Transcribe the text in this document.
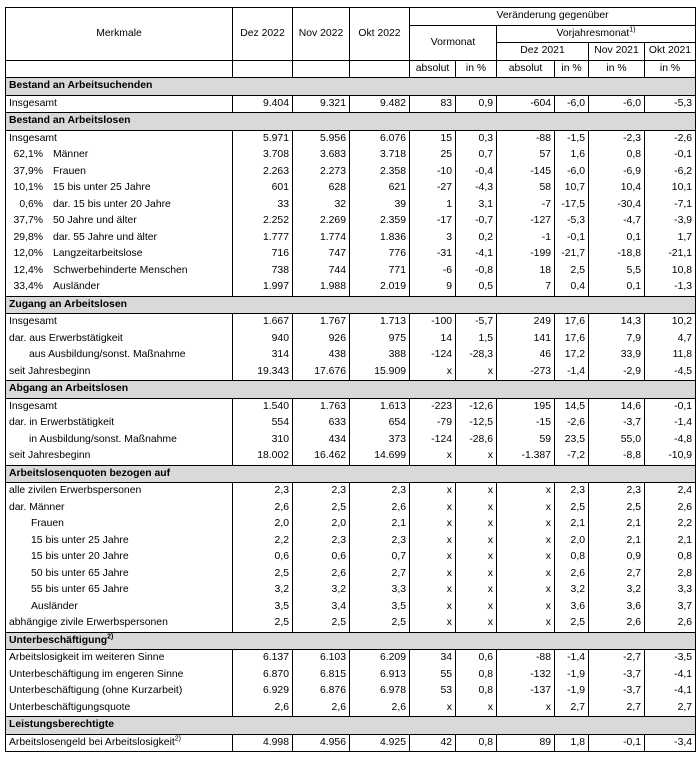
Merkmale	Dez 2022	Nov 2022	Okt 2022	Veränderung gegenüber					
				Vormonat		Vorjahresmonat$^{1)}$
						Dez 2021		Nov 2021	Okt 2021
				absolut	in %	absolut	in %	in %	in %
Bestand an Arbeitsuchenden									
Insgesamt	9.404	9.321	9.482	83	0,9	-604	-6,0	-6,0	-5,3
Bestand an Arbeitslosen									
Insgesamt	5.971	5.956	6.076	15	0,3	-88	-1,5	-2,3	-2,6
62,1% Männer	3.708	3.683	3.718	25	0,7	57	1,6	0,8	-0,1
37,9% Frauen	2.263	2.273	2.358	-10	-0,4	-145	-6,0	-6,9	-6,2
10,1% 15 bis unter 25 Jahre	601	628	621	-27	-4,3	58	10,7	10,4	10,1
0,6% dar. 15 bis unter 20 Jahre	33	32	39	1	3,1	-7	-17,5	-30,4	-7,1
37,7% 50 Jahre und älter	2.252	2.269	2.359	-17	-0,7	-127	-5,3	-4,7	-3,9
29,8% dar. 55 Jahre und älter	1.777	1.774	1.836	3	0,2	-1	-0,1	0,1	1,7
12,0% Langzeitarbeitslose	716	747	776	-31	-4,1	-199	-21,7	-18,8	-21,1
12,4% Schwerbehinderte Menschen	738	744	771	-6	-0,8	18	2,5	5,5	10,8
33,4% Ausländer	1.997	1.988	2.019	9	0,5	7	0,4	0,1	-1,3
Zugang an Arbeitslosen									
Insgesamt	1.667	1.767	1.713	-100	-5,7	249	17,6	14,3	10,2
dar. aus Erwerbstätigkeit	940	926	975	14	1,5	141	17,6	7,9	4,7
aus Ausbildung/sonst. Maßnahme	314	438	388	-124	-28,3	46	17,2	33,9	11,8
seit Jahresbeginn	19.343	17.676	15.909	x	x	-273	-1,4	-2,9	-4,5
Abgang an Arbeitslosen									
Insgesamt	1.540	1.763	1.613	-223	-12,6	195	14,5	14,6	-0,1
dar. in Erwerbstätigkeit	554	633	654	-79	-12,5	-15	-2,6	-3,7	-1,4
in Ausbildung/sonst. Maßnahme	310	434	373	-124	-28,6	59	23,5	55,0	-4,8
seit Jahresbeginn	18.002	16.462	14.699	x	x	-1.387	-7,2	-8,8	-10,9
Arbeitslosenquoten bezogen auf									
alle zivilen Erwerbspersonen	2,3	2,3	2,3	x	x	x	2,3	2,3	2,4
dar. Männer	2,6	2,5	2,6	x	x	x	2,5	2,5	2,6
Frauen	2,0	2,0	2,1	x	x	x	2,1	2,1	2,2
15 bis unter 25 Jahre	2,2	2,3	2,3	x	x	x	2,0	2,1	2,1
15 bis unter 20 Jahre	0,6	0,6	0,7	x	x	x	0,8	0,9	0,8
50 bis unter 65 Jahre	2,5	2,6	2,7	x	x	x	2,6	2,7	2,8
55 bis unter 65 Jahre	3,2	3,2	3,3	x	x	x	3,2	3,2	3,3
Ausländer	3,5	3,4	3,5	x	x	x	3,6	3,6	3,7
abhängige zivile Erwerbspersonen	2,5	2,5	2,5	x	x	x	2,5	2,6	2,6
Unterbeschäftigung$^{2)}$									
Arbeitslosigkeit im weiteren Sinne	6.137	6.103	6.209	34	0,6	-88	-1,4	-2,7	-3,5
Unterbeschäftigung im engeren Sinne	6.870	6.815	6.913	55	0,8	-132	-1,9	-3,7	-4,1
Unterbeschäftigung (ohne Kurzarbeit)	6.929	6.876	6.978	53	0,8	-137	-1,9	-3,7	-4,1
Unterbeschäftigungsquote	2,6	2,6	2,6	x	x	x	2,7	2,7	2,7
Leistungsberechtigte									
Arbeitslosengeld bei Arbeitslosigkeit$^{2)}$	4.998	4.956	4.925	42	0,8	89	1,8	-0,1	-3,4
